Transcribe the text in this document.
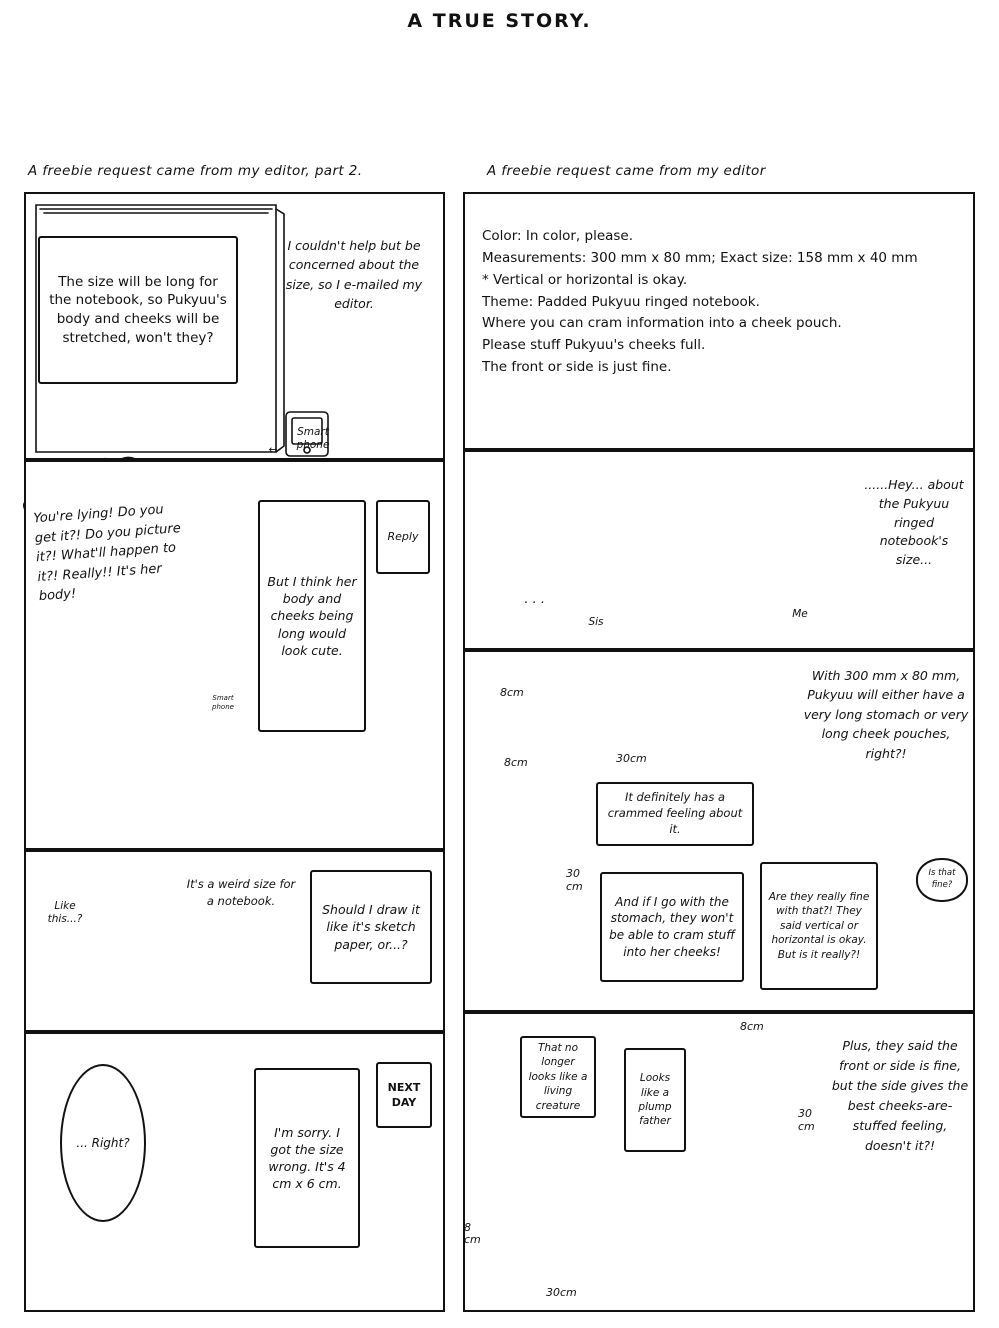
A TRUE STORY.
A freebie request came from my editor, part 2.	A freebie request came from my editor
The size will be long for the notebook, so Pukyuu's body and cheeks will be stretched, won't they?
I couldn't help but be concerned about the size, so I e-mailed my editor.
Smart phone
←
You're lying! Do you get it?! Do you picture it?! What'll happen to it?! Really!! It's her body!
But I think her body and cheeks being long would look cute.
Reply
Smart phone
Like this...?
It's a weird size for a notebook.
Should I draw it like it's sketch paper, or...?
... Right?
I'm sorry. I got the size wrong. It's 4 cm x 6 cm.
NEXT DAY
Color: In color, please.
Measurements: 300 mm x 80 mm; Exact size: 158 mm x 40 mm
* Vertical or horizontal is okay.
Theme: Padded Pukyuu ringed notebook.
Where you can cram information into a cheek pouch.
Please stuff Pukyuu's cheeks full.
The front or side is just fine.
......Hey... about the Pukyuu ringed notebook's size...
Sis
Me
· · ·
8cm
30cm
8cm
30 cm
With 300 mm x 80 mm, Pukyuu will either have a very long stomach or very long cheek pouches, right?!
It definitely has a crammed feeling about it.
And if I go with the stomach, they won't be able to cram stuff into her cheeks!
Are they really fine with that?! They said vertical or horizontal is okay. But is it really?!
Is that fine?
That no longer looks like a living creature
Looks like a plump father
8cm
30 cm
8 cm
30cm
Plus, they said the front or side is fine, but the side gives the best cheeks-are-stuffed feeling, doesn't it?!
